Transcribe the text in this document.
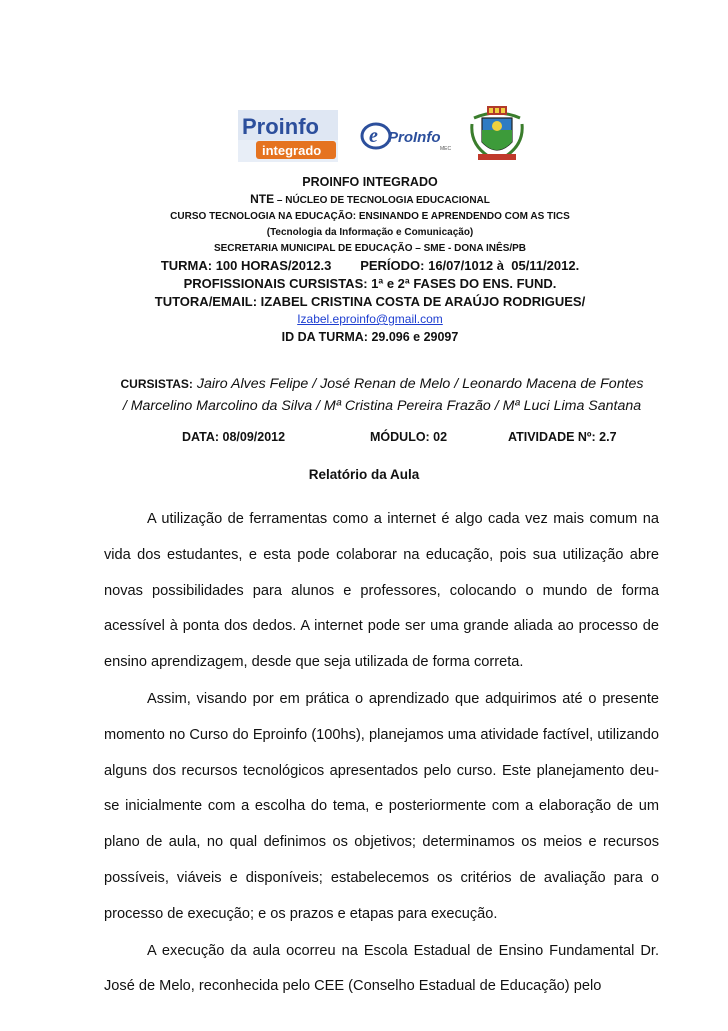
Proinfo
integrado
e ProInfo
MEC
PROINFO INTEGRADO
NTE – NÚCLEO DE TECNOLOGIA EDUCACIONAL
CURSO TECNOLOGIA NA EDUCAÇÃO: ENSINANDO E APRENDENDO COM AS TICS
(Tecnologia da Informação e Comunicação)
SECRETARIA MUNICIPAL DE EDUCAÇÃO – SME - DONA INÊS/PB
TURMA: 100 HORAS/2012.3        PERÍODO: 16/07/1012 à  05/11/2012.
PROFISSIONAIS CURSISTAS: 1ª e 2ª FASES DO ENS. FUND.
TUTORA/EMAIL: IZABEL CRISTINA COSTA DE ARAÚJO RODRIGUES/
Izabel.eproinfo@gmail.com
ID DA TURMA: 29.096 e 29097
CURSISTAS: Jairo Alves Felipe / José Renan de Melo / Leonardo Macena de Fontes
/ Marcelino Marcolino da Silva / Mª Cristina Pereira Frazão / Mª Luci Lima Santana
DATA: 08/09/2012	MÓDULO: 02	ATIVIDADE Nº: 2.7
Relatório da Aula

A utilização de ferramentas como a internet é algo cada vez mais comum na vida dos estudantes, e esta pode colaborar na educação, pois sua utilização abre novas possibilidades para alunos e professores, colocando o mundo de forma acessível à ponta dos dedos. A internet pode ser uma grande aliada ao processo de ensino aprendizagem, desde que seja utilizada de forma correta.

Assim, visando por em prática o aprendizado que adquirimos até o presente momento no Curso do Eproinfo (100hs), planejamos uma atividade factível, utilizando alguns dos recursos tecnológicos apresentados pelo curso. Este planejamento deu-se inicialmente com a escolha do tema, e posteriormente com a elaboração de um plano de aula, no qual definimos os objetivos; determinamos os meios e recursos possíveis, viáveis e disponíveis; estabelecemos os critérios de avaliação para o processo de execução; e os prazos e etapas para execução.

A execução da aula ocorreu na Escola Estadual de Ensino Fundamental Dr. José de Melo, reconhecida pelo CEE (Conselho Estadual de Educação) pelo
